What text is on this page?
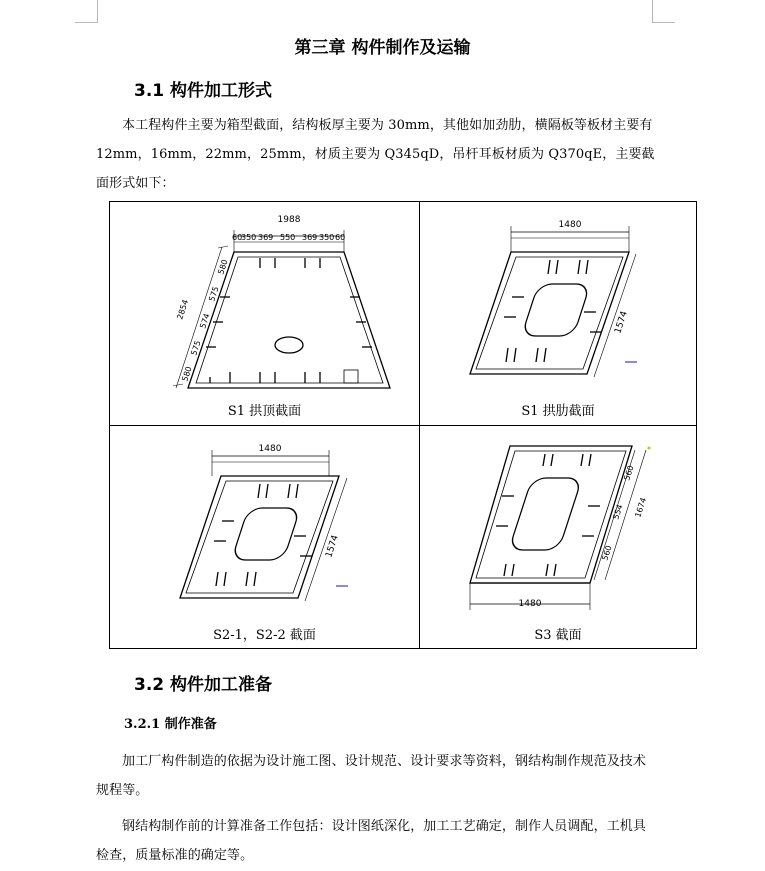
第三章 构件制作及运输
3.1 构件加工形式
本工程构件主要为箱型截面，结构板厚主要为 30mm，其他如加劲肋，横隔板等板材主要有 12mm，16mm，22mm，25mm，材质主要为 Q345qD，吊杆耳板材质为 Q370qE，主要截面形式如下：
1988
60
350 369 550 369 350 60
2854
580
575
574
575
580
S1 拱顶截面
1480
1574
S1 拱肋截面
1480
1574
S2-1，S2-2 截面
1480
1674
560
554
560
S3 截面
3.2 构件加工准备
3.2.1 制作准备
加工厂构件制造的依据为设计施工图、设计规范、设计要求等资料，钢结构制作规范及技术规程等。
钢结构制作前的计算准备工作包括：设计图纸深化，加工工艺确定，制作人员调配，工机具检查，质量标准的确定等。
